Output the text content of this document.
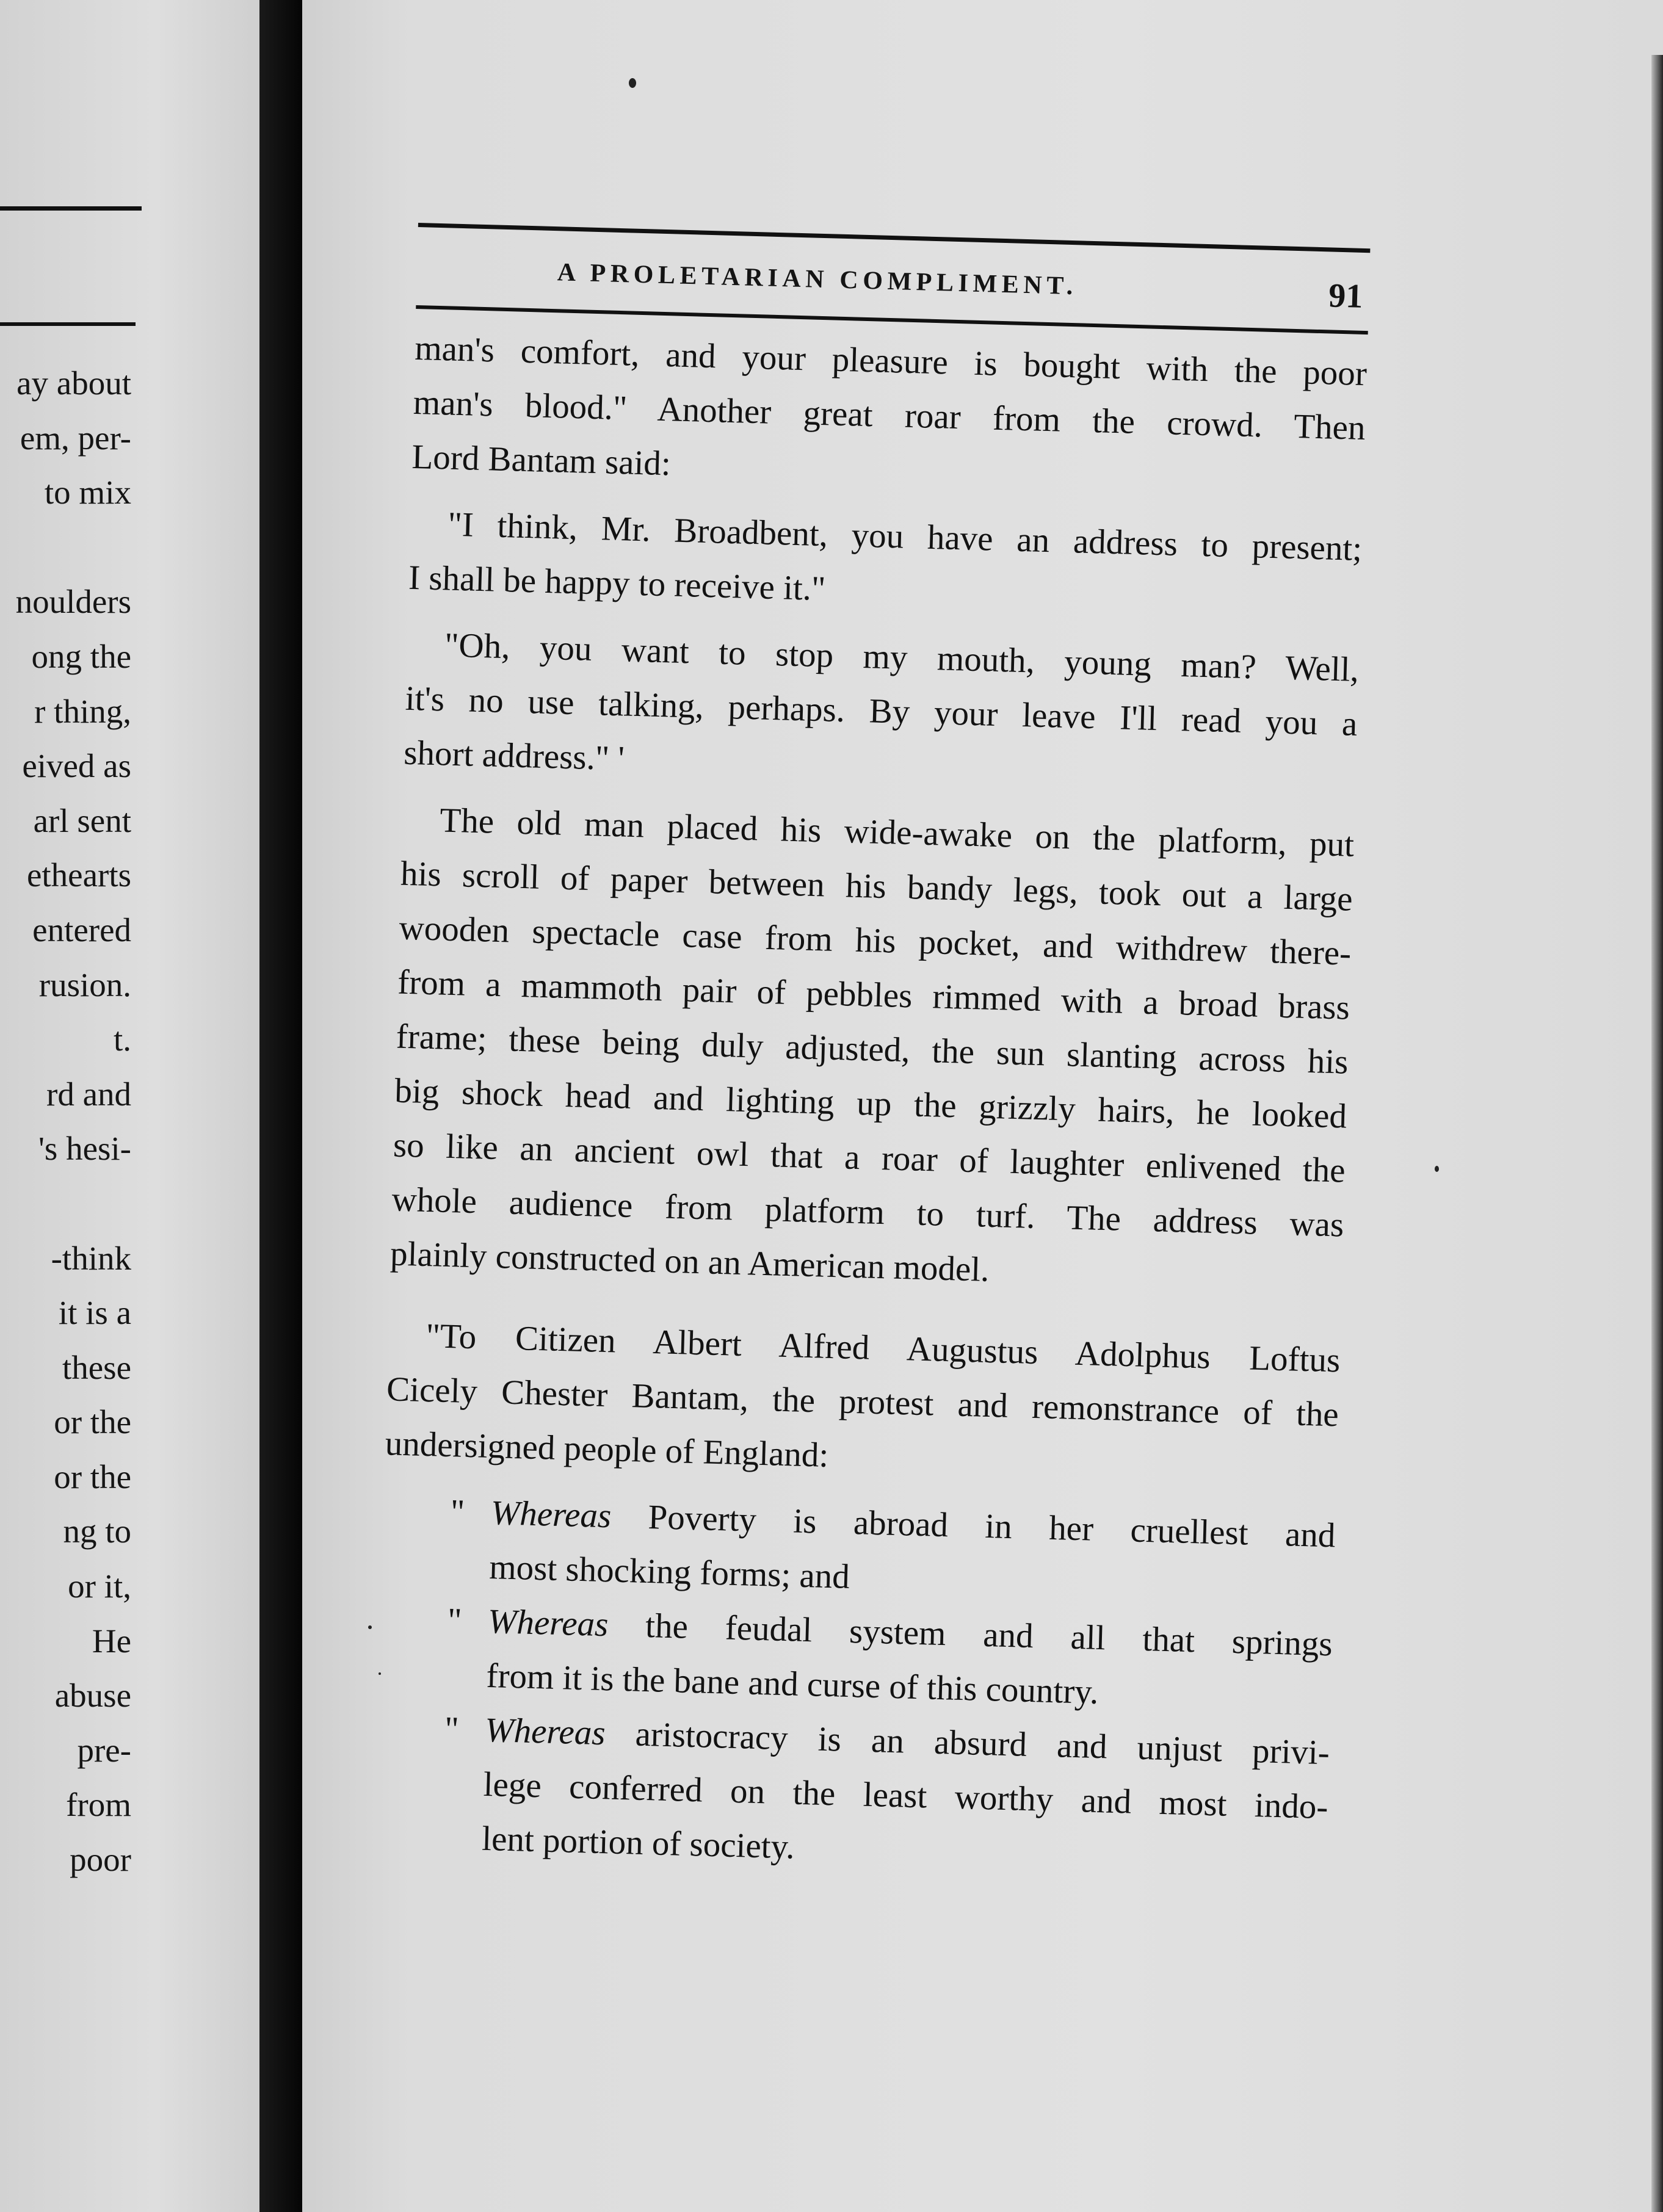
ay about
em, per-
to mix
noulders
ong the
r thing,
eived as
arl sent
ethearts
entered
rusion.
t.
rd and
's hesi-
-think
it is a
these
or the
or the
ng to
or it,
He
abuse
pre-
from
poor
A PROLETARIAN COMPLIMENT.	91

man's comfort, and your pleasure is bought with the poor

man's blood." Another great roar from the crowd. Then

Lord Bantam said:

"I think, Mr. Broadbent, you have an address to present;

I shall be happy to receive it."

"Oh, you want to stop my mouth, young man? Well,

it's no use talking, perhaps. By your leave I'll read you a

short address." '

The old man placed his wide-awake on the platform, put

his scroll of paper between his bandy legs, took out a large

wooden spectacle case from his pocket, and withdrew there-

from a mammoth pair of pebbles rimmed with a broad brass

frame; these being duly adjusted, the sun slanting across his

big shock head and lighting up the grizzly hairs, he looked

so like an ancient owl that a roar of laughter enlivened the

whole audience from platform to turf. The address was

plainly constructed on an American model.

"To Citizen Albert Alfred Augustus Adolphus Loftus

Cicely Chester Bantam, the protest and remonstrance of the

undersigned people of England:

" Whereas Poverty is abroad in her cruellest and

most shocking forms; and

" Whereas the feudal system and all that springs

from it is the bane and curse of this country.

" Whereas aristocracy is an absurd and unjust privi-

lege conferred on the least worthy and most indo-

lent portion of society.
